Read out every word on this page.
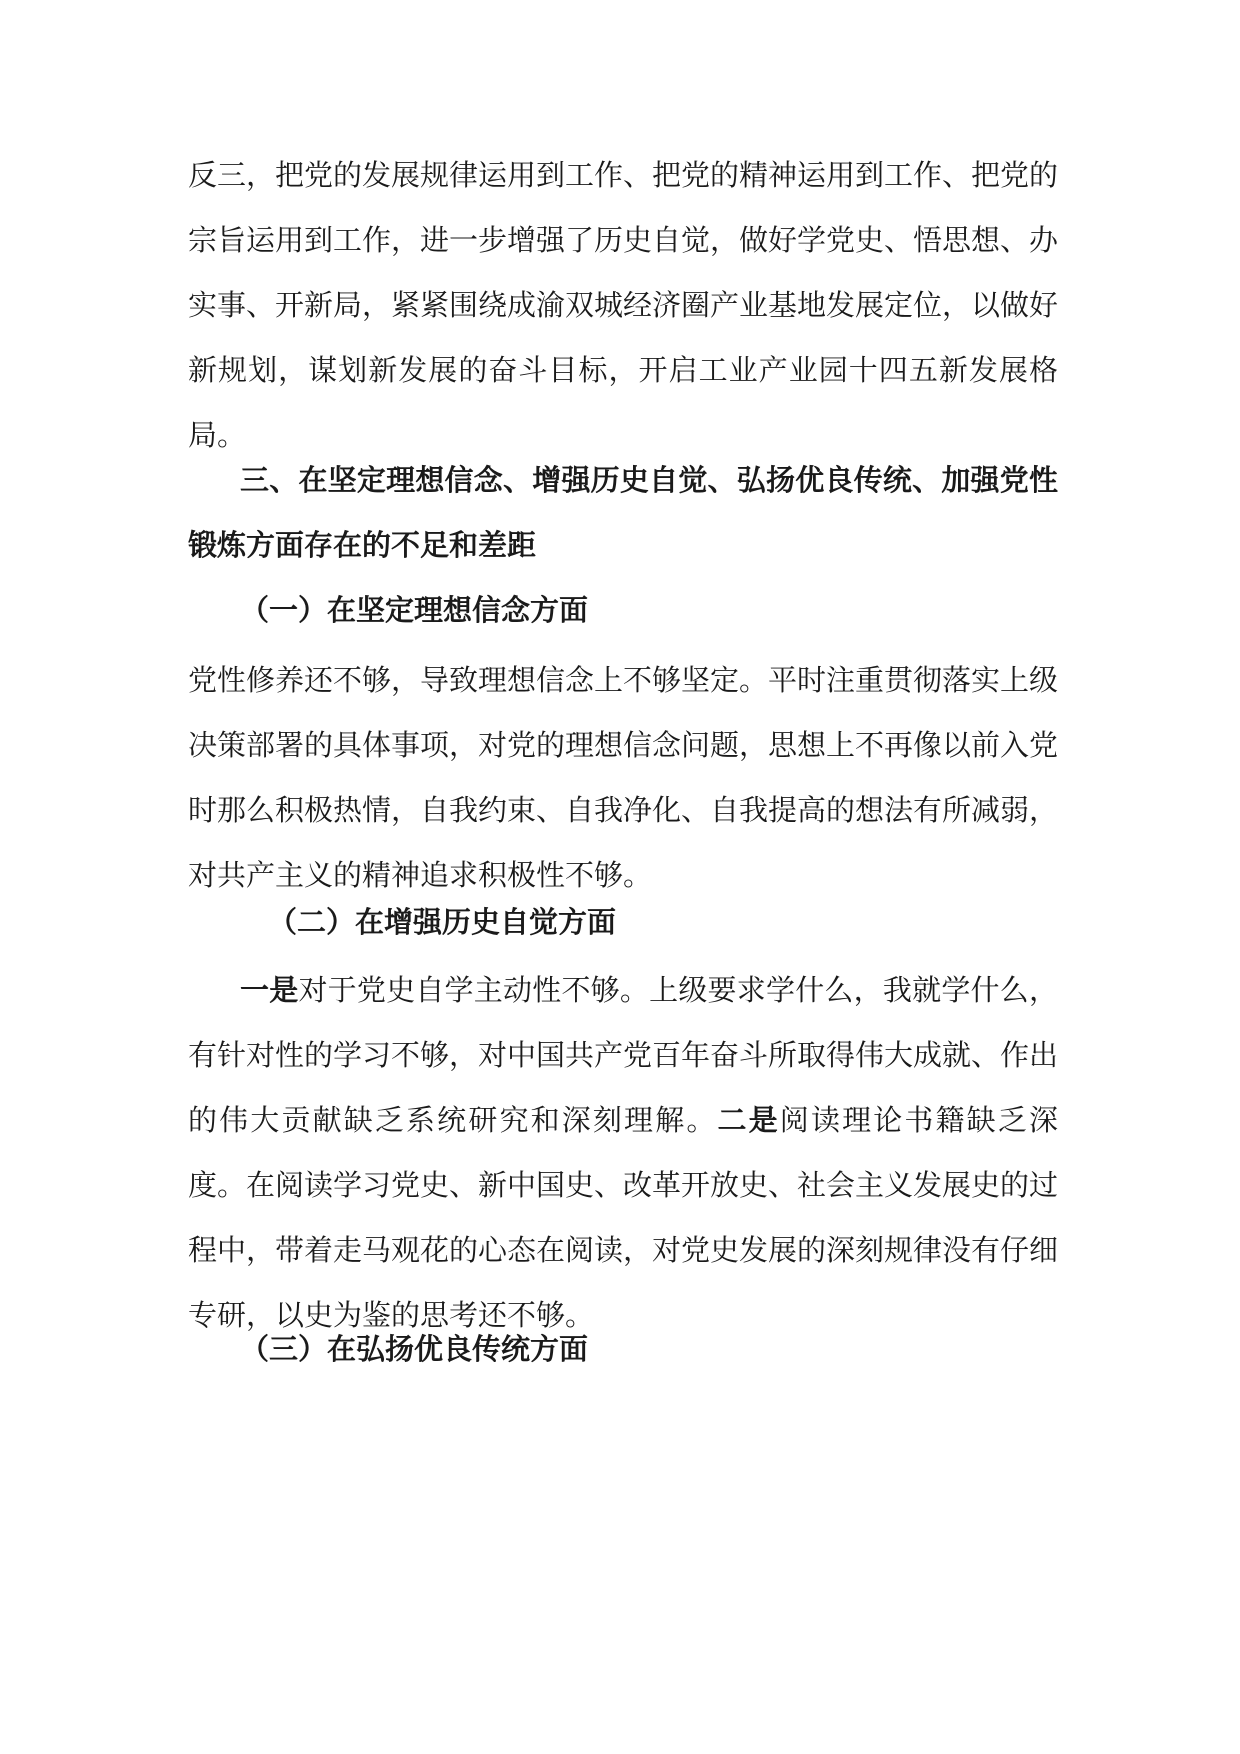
反三，把党的发展规律运用到工作、把党的精神运用到工作、把党的宗旨运用到工作，进一步增强了历史自觉，做好学党史、悟思想、办实事、开新局，紧紧围绕成渝双城经济圈产业基地发展定位，以做好新规划，谋划新发展的奋斗目标，开启工业产业园十四五新发展格局。
三、在坚定理想信念、增强历史自觉、弘扬优良传统、加强党性锻炼方面存在的不足和差距
（一）在坚定理想信念方面
党性修养还不够，导致理想信念上不够坚定。平时注重贯彻落实上级决策部署的具体事项，对党的理想信念问题，思想上不再像以前入党时那么积极热情，自我约束、自我净化、自我提高的想法有所减弱，对共产主义的精神追求积极性不够。
（二）在增强历史自觉方面
一是对于党史自学主动性不够。上级要求学什么，我就学什么，有针对性的学习不够，对中国共产党百年奋斗所取得伟大成就、作出的伟大贡献缺乏系统研究和深刻理解。二是阅读理论书籍缺乏深度。在阅读学习党史、新中国史、改革开放史、社会主义发展史的过程中，带着走马观花的心态在阅读，对党史发展的深刻规律没有仔细专研，以史为鉴的思考还不够。
（三）在弘扬优良传统方面
